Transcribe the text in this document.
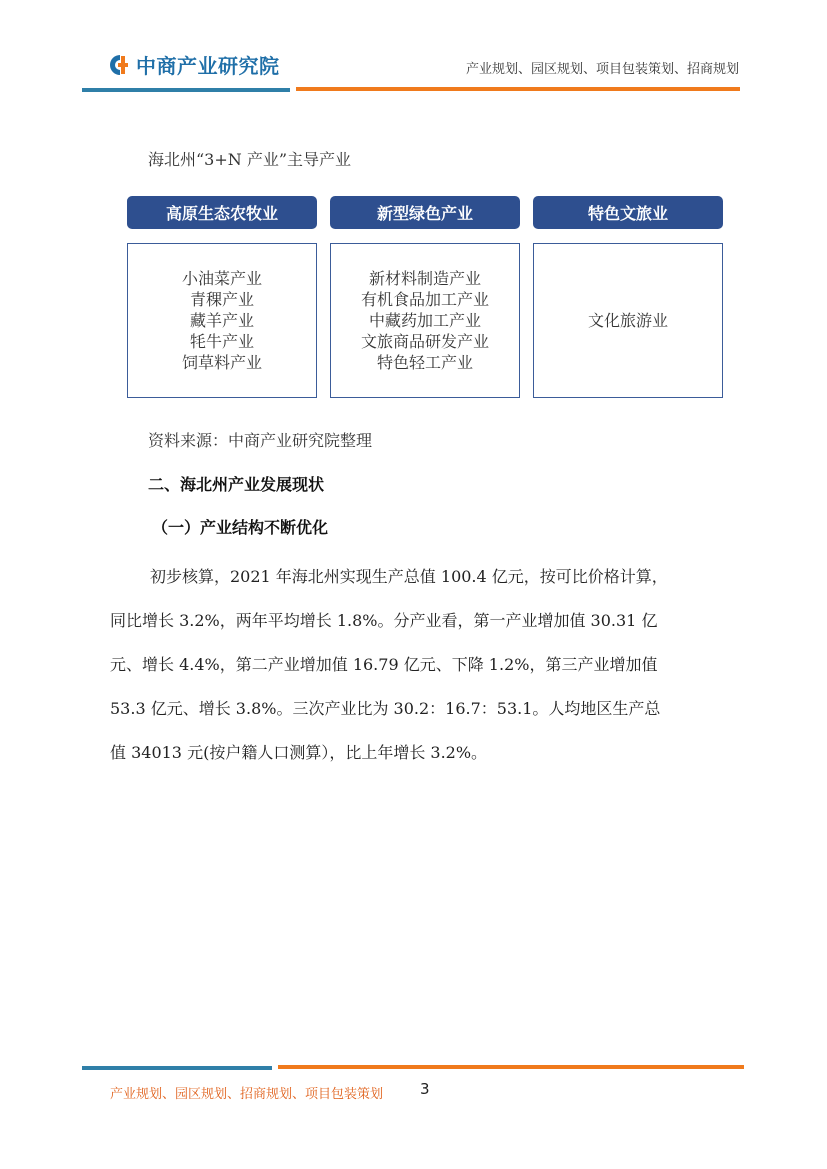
中商产业研究院	产业规划、园区规划、项目包装策划、招商规划
海北州“3+N 产业”主导产业
高原生态农牧业
小油菜产业
青稞产业
藏羊产业
牦牛产业
饲草料产业
新型绿色产业
新材料制造产业
有机食品加工产业
中藏药加工产业
文旅商品研发产业
特色轻工产业
特色文旅业
文化旅游业
资料来源：中商产业研究院整理
二、海北州产业发展现状
（一）产业结构不断优化
初步核算，2021 年海北州实现生产总值 100.4 亿元，按可比价格计算，
同比增长 3.2%，两年平均增长 1.8%。分产业看，第一产业增加值 30.31 亿
元、增长 4.4%，第二产业增加值 16.79 亿元、下降 1.2%，第三产业增加值
53.3 亿元、增长 3.8%。三次产业比为 30.2：16.7：53.1。人均地区生产总
值 34013 元(按户籍人口测算），比上年增长 3.2%。
产业规划、园区规划、招商规划、项目包装策划 3
